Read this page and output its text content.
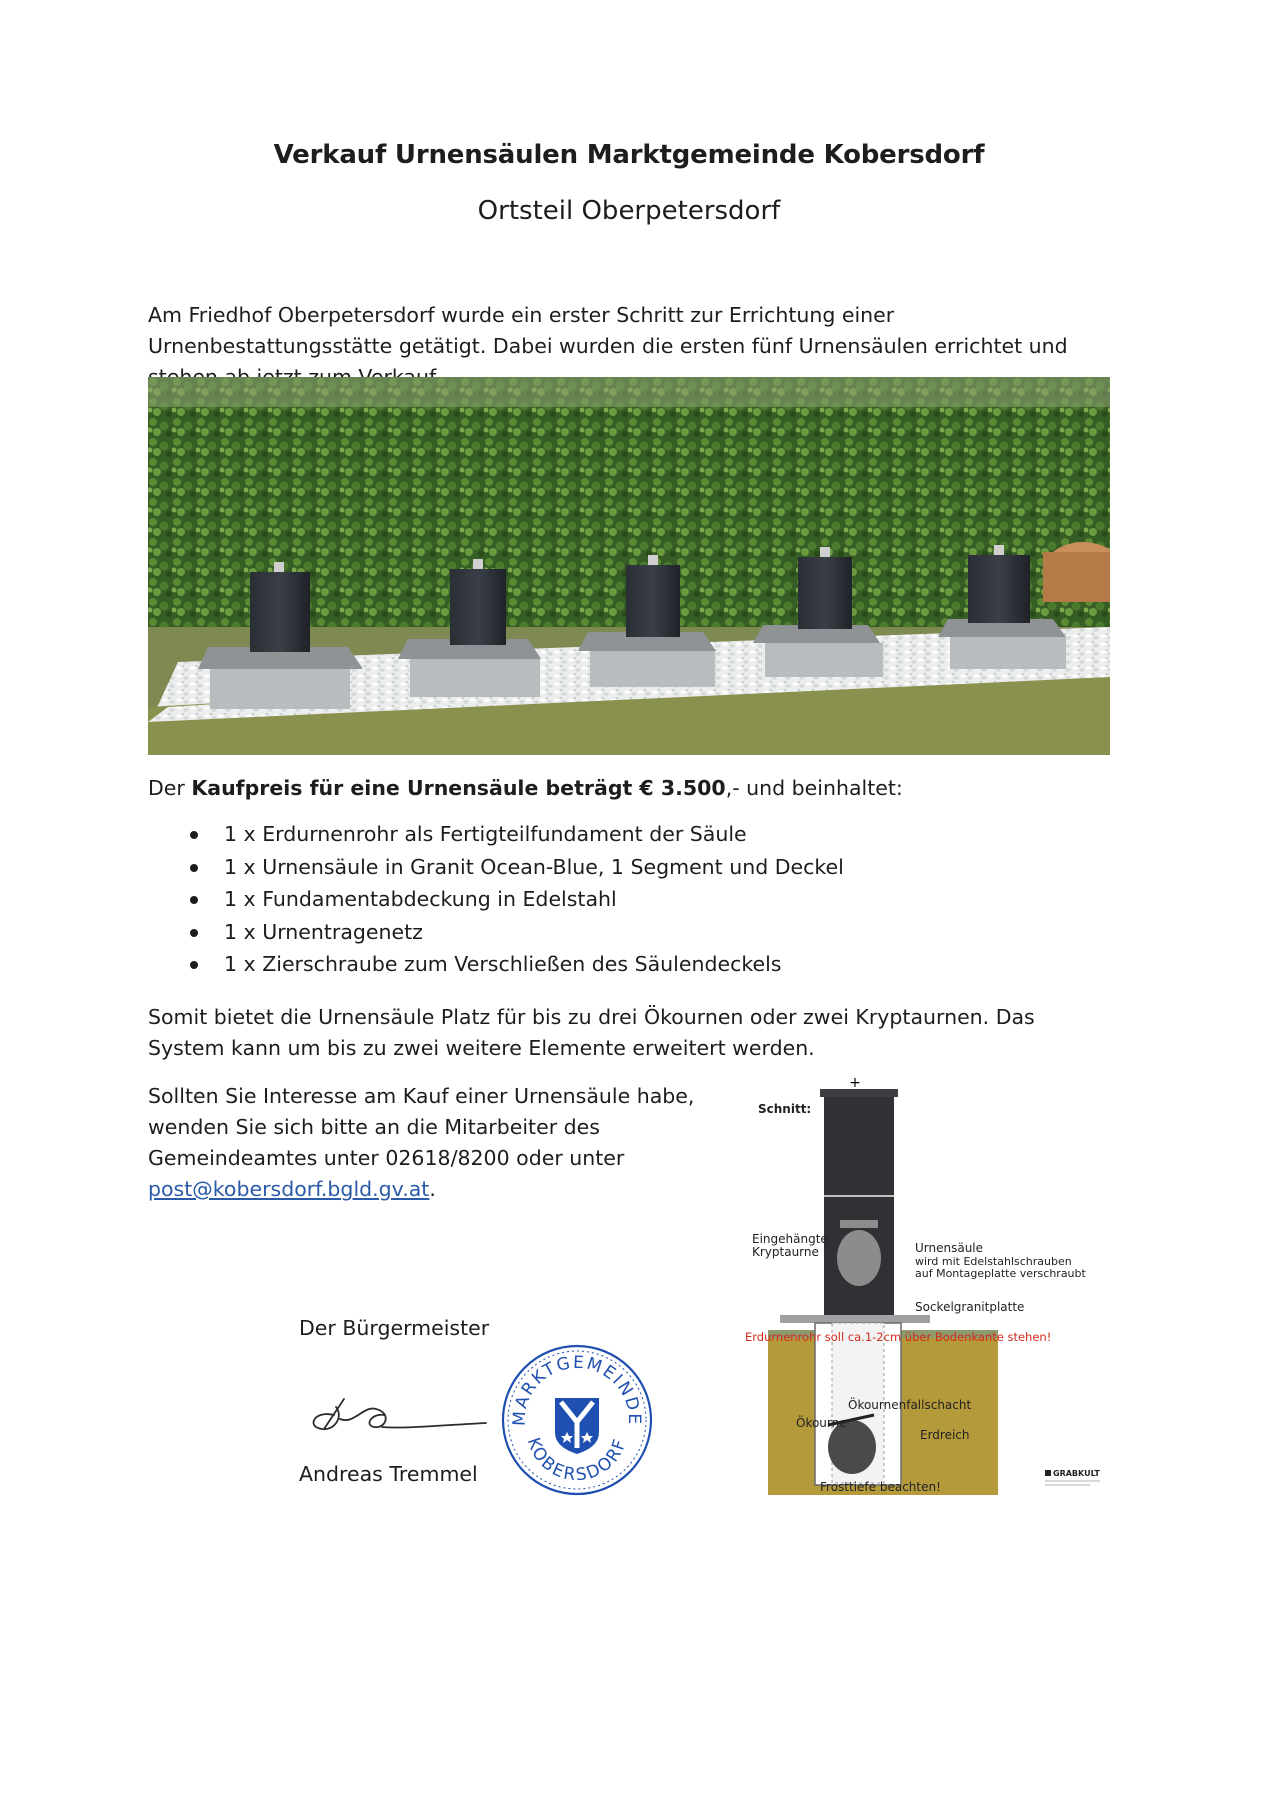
Verkauf Urnensäulen Marktgemeinde Kobersdorf
Ortsteil Oberpetersdorf
Am Friedhof Oberpetersdorf wurde ein erster Schritt zur Errichtung einer Urnenbestattungsstätte getätigt. Dabei wurden die ersten fünf Urnensäulen errichtet und
Der Kaufpreis für eine Urnensäule beträgt € 3.500,- und beinhaltet:
1 x Erdurnenrohr als Fertigteilfundament der Säule
1 x Urnensäule in Granit Ocean-Blue, 1 Segment und Deckel
1 x Fundamentabdeckung in Edelstahl
1 x Urnentragenetz
1 x Zierschraube zum Verschließen des Säulendeckels
Somit bietet die Urnensäule Platz für bis zu drei Ökournen oder zwei Kryptaurnen. Das System kann um bis zu zwei weitere Elemente erweitert werden.
Sollten Sie Interesse am Kauf einer Urnensäule habe, wenden Sie sich bitte an die Mitarbeiter des Gemeindeamtes unter 02618/8200 oder unter post@kobersdorf.bgld.gv.at.
Der Bürgermeister
MARKTGEMEINDE
KOBERSDORF
Andreas Tremmel
+
Schnitt:
Eingehängte
Kryptaurne	Urnensäule
wird mit Edelstahlschrauben
auf Montageplatte verschraubt
Sockelgranitplatte
Erdurnenrohr soll ca.1-2cm über Bodenkante stehen!
Ökournenfallschacht
Ökourne
Erdreich
Frosttiefe beachten!
GRABKULT
